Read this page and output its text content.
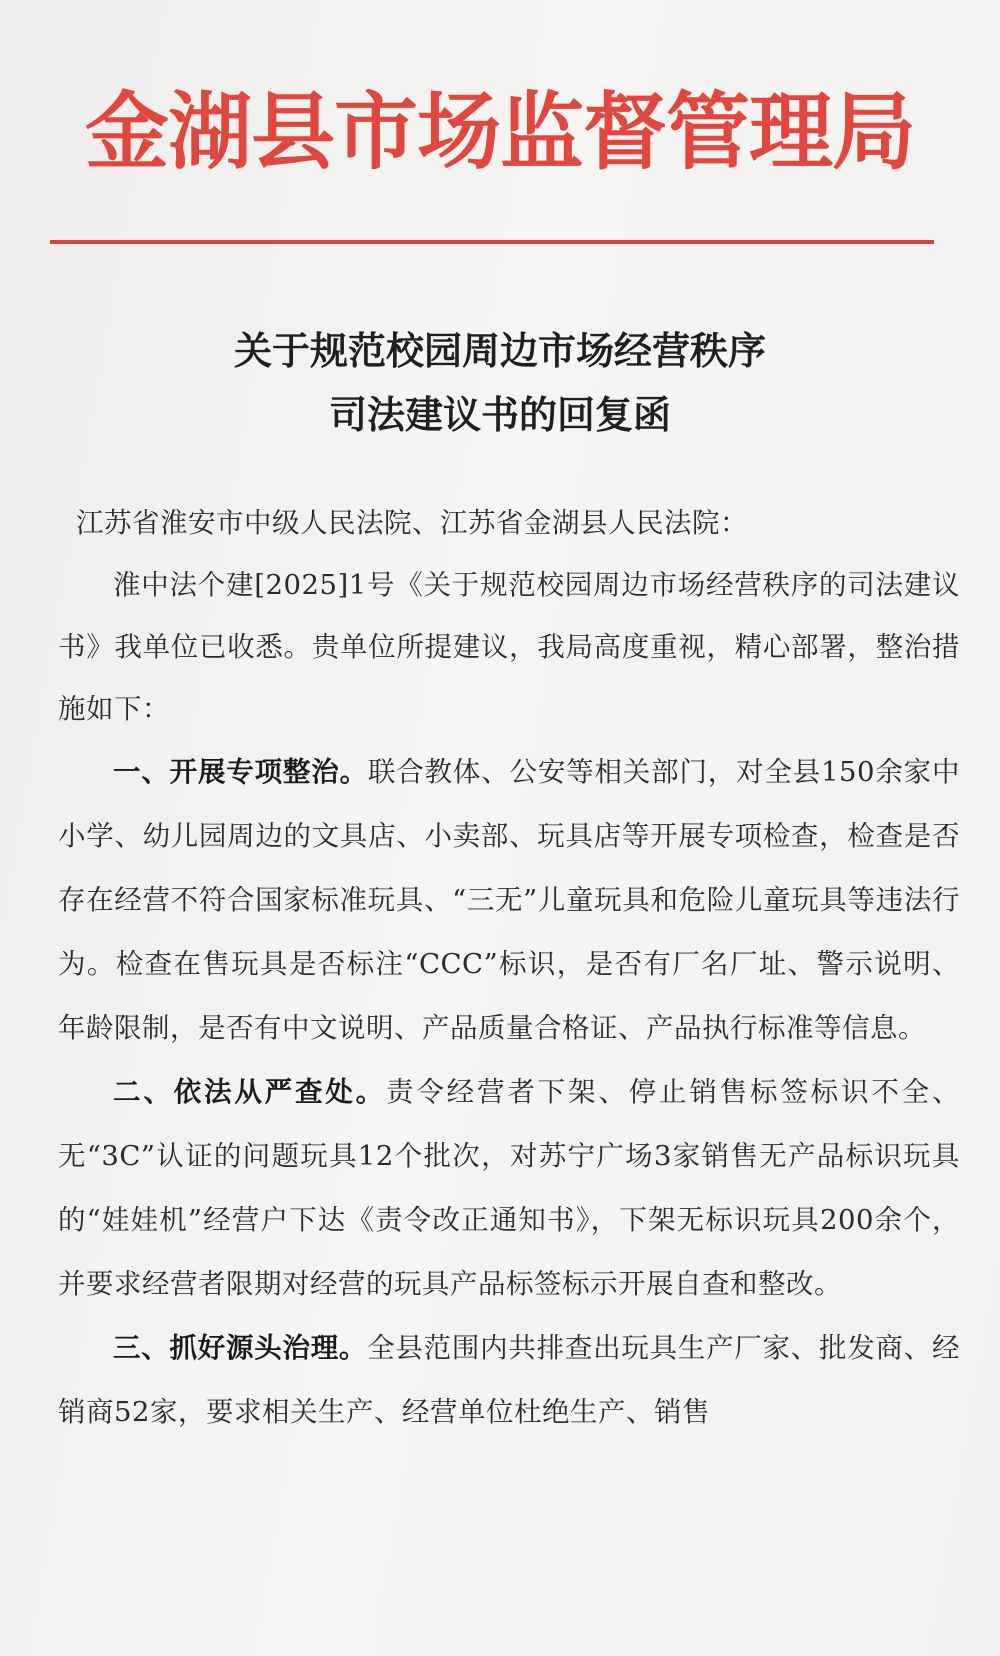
金湖县市场监督管理局
关于规范校园周边市场经营秩序
司法建议书的回复函

江苏省淮安市中级人民法院、江苏省金湖县人民法院：

淮中法个建[2025]1号《关于规范校园周边市场经营秩序的司法建议书》我单位已收悉。贵单位所提建议，我局高度重视，精心部署，整治措施如下：

一、开展专项整治。联合教体、公安等相关部门，对全县150余家中小学、幼儿园周边的文具店、小卖部、玩具店等开展专项检查，检查是否存在经营不符合国家标准玩具、“三无”儿童玩具和危险儿童玩具等违法行为。检查在售玩具是否标注“CCC”标识，是否有厂名厂址、警示说明、年龄限制，是否有中文说明、产品质量合格证、产品执行标准等信息。

二、依法从严查处。责令经营者下架、停止销售标签标识不全、无“3C”认证的问题玩具12个批次，对苏宁广场3家销售无产品标识玩具的“娃娃机”经营户下达《责令改正通知书》，下架无标识玩具200余个，并要求经营者限期对经营的玩具产品标签标示开展自查和整改。

三、抓好源头治理。全县范围内共排查出玩具生产厂家、批发商、经销商52家，要求相关生产、经营单位杜绝生产、销售
